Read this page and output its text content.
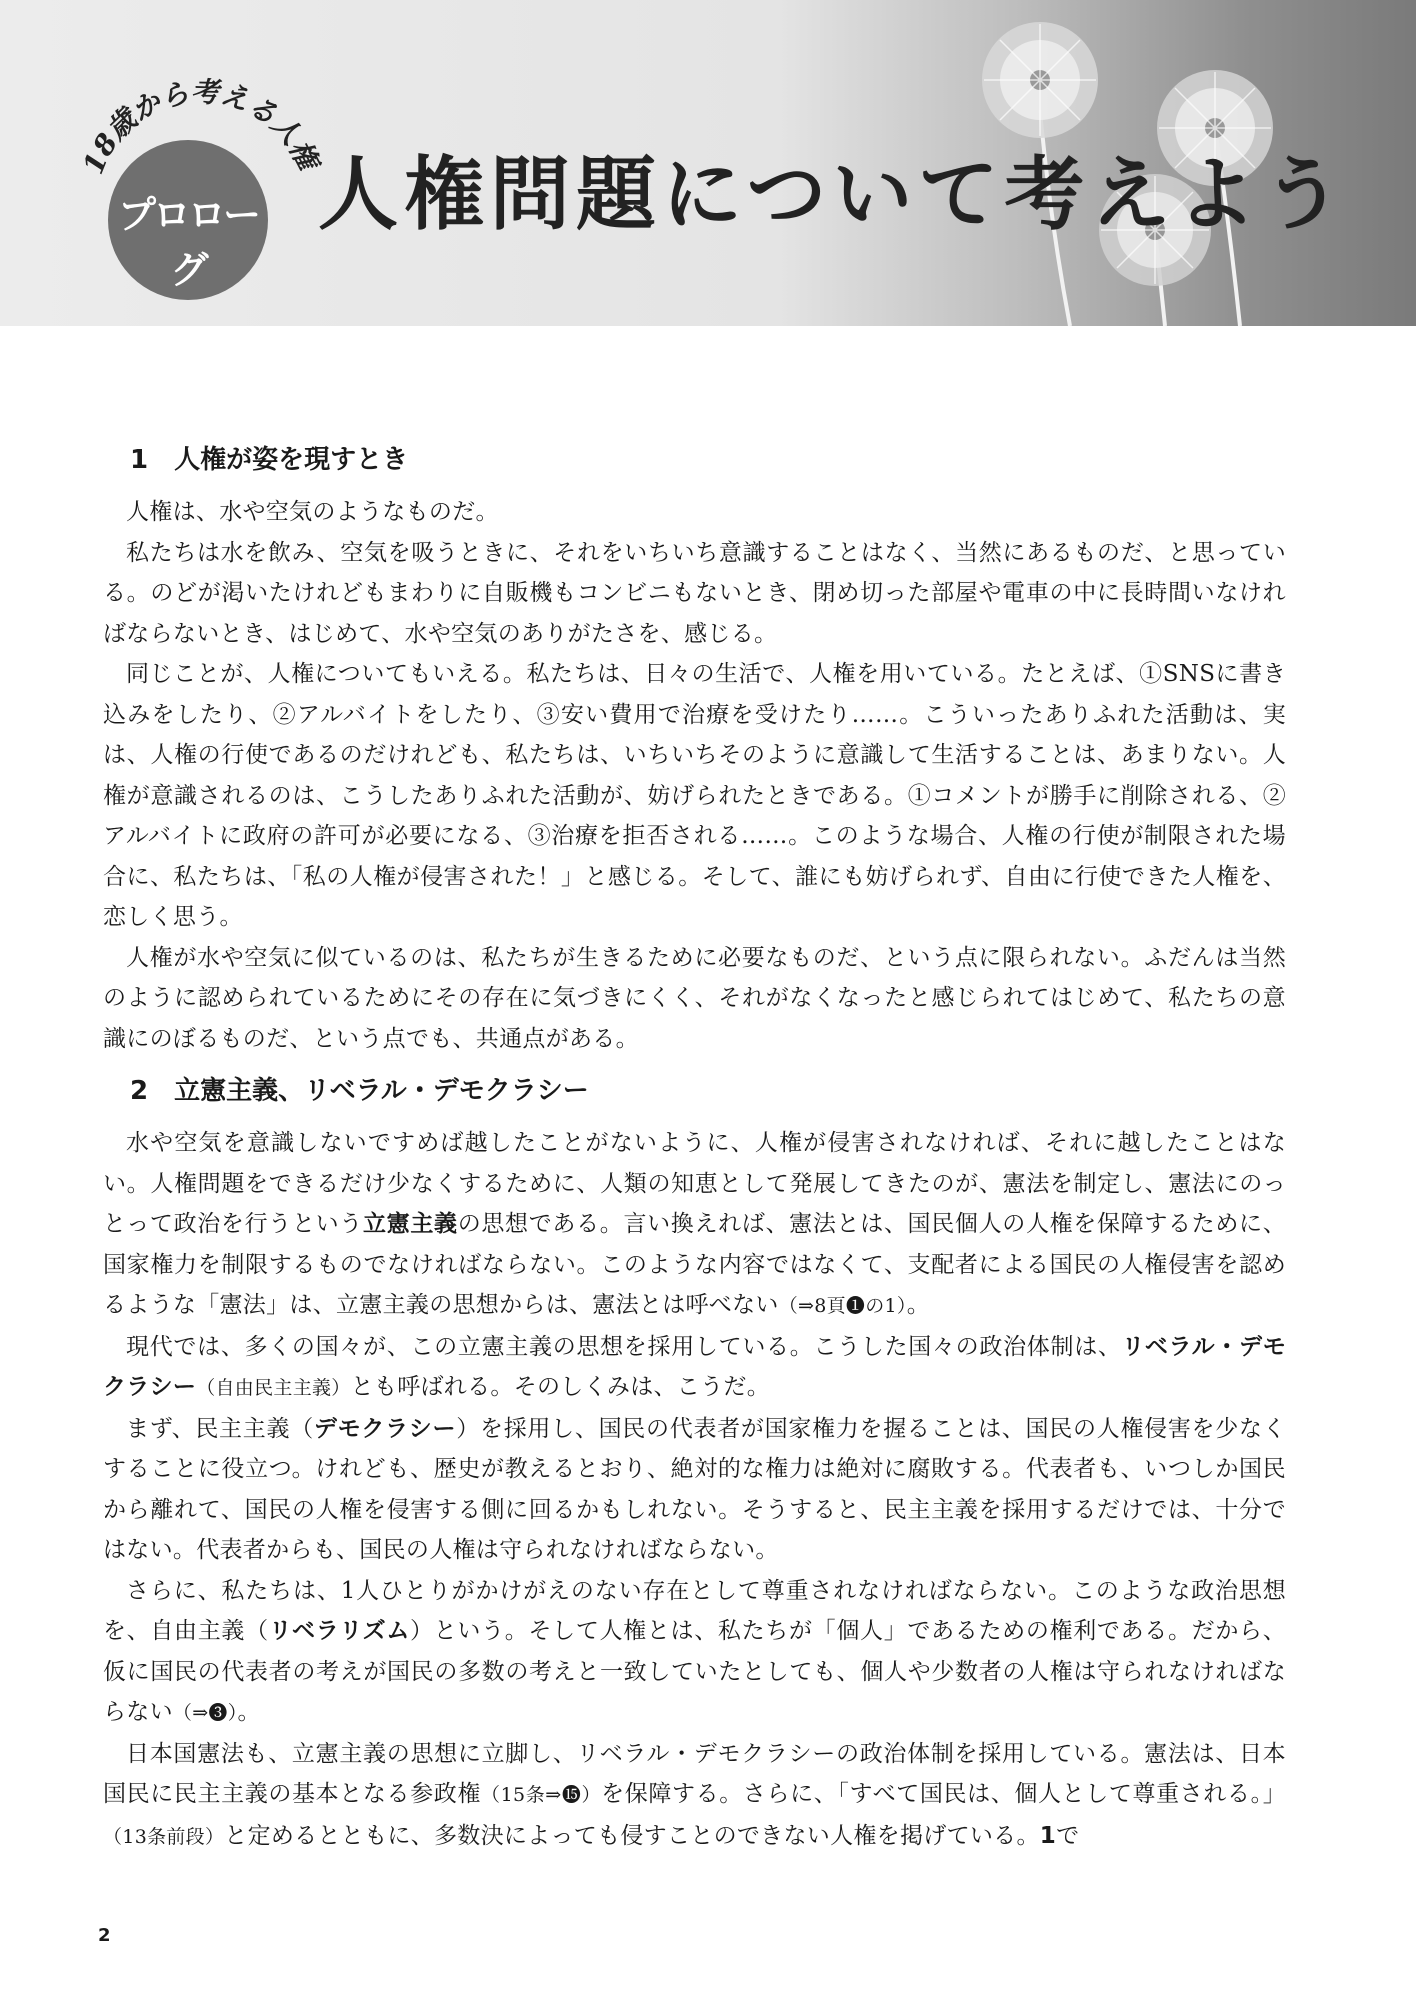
18歳から考える人権
プロローグ
人権問題について考えよう
1 人権が姿を現すとき

人権は、水や空気のようなものだ。

私たちは水を飲み、空気を吸うときに、それをいちいち意識することはなく、当然にあるものだ、と思っている。のどが渇いたけれどもまわりに自販機もコンビニもないとき、閉め切った部屋や電車の中に長時間いなければならないとき、はじめて、水や空気のありがたさを、感じる。

同じことが、人権についてもいえる。私たちは、日々の生活で、人権を用いている。たとえば、①SNSに書き込みをしたり、②アルバイトをしたり、③安い費用で治療を受けたり……。こういったありふれた活動は、実は、人権の行使であるのだけれども、私たちは、いちいちそのように意識して生活することは、あまりない。人権が意識されるのは、こうしたありふれた活動が、妨げられたときである。①コメントが勝手に削除される、②アルバイトに政府の許可が必要になる、③治療を拒否される……。このような場合、人権の行使が制限された場合に、私たちは、「私の人権が侵害された！」と感じる。そして、誰にも妨げられず、自由に行使できた人権を、恋しく思う。

人権が水や空気に似ているのは、私たちが生きるために必要なものだ、という点に限られない。ふだんは当然のように認められているためにその存在に気づきにくく、それがなくなったと感じられてはじめて、私たちの意識にのぼるものだ、という点でも、共通点がある。

2 立憲主義、リベラル・デモクラシー

水や空気を意識しないですめば越したことがないように、人権が侵害されなければ、それに越したことはない。人権問題をできるだけ少なくするために、人類の知恵として発展してきたのが、憲法を制定し、憲法にのっとって政治を行うという立憲主義の思想である。言い換えれば、憲法とは、国民個人の人権を保障するために、国家権力を制限するものでなければならない。このような内容ではなくて、支配者による国民の人権侵害を認めるような「憲法」は、立憲主義の思想からは、憲法とは呼べない（⇒8頁❶の1）。

現代では、多くの国々が、この立憲主義の思想を採用している。こうした国々の政治体制は、リベラル・デモクラシー（自由民主主義）とも呼ばれる。そのしくみは、こうだ。

まず、民主主義（デモクラシー）を採用し、国民の代表者が国家権力を握ることは、国民の人権侵害を少なくすることに役立つ。けれども、歴史が教えるとおり、絶対的な権力は絶対に腐敗する。代表者も、いつしか国民から離れて、国民の人権を侵害する側に回るかもしれない。そうすると、民主主義を採用するだけでは、十分ではない。代表者からも、国民の人権は守られなければならない。

さらに、私たちは、1人ひとりがかけがえのない存在として尊重されなければならない。このような政治思想を、自由主義（リベラリズム）という。そして人権とは、私たちが「個人」であるための権利である。だから、仮に国民の代表者の考えが国民の多数の考えと一致していたとしても、個人や少数者の人権は守られなければならない（⇒❸）。

日本国憲法も、立憲主義の思想に立脚し、リベラル・デモクラシーの政治体制を採用している。憲法は、日本国民に民主主義の基本となる参政権（15条⇒⓯）を保障する。さらに、「すべて国民は、個人として尊重される。」（13条前段）と定めるとともに、多数決によっても侵すことのできない人権を掲げている。1で

2
